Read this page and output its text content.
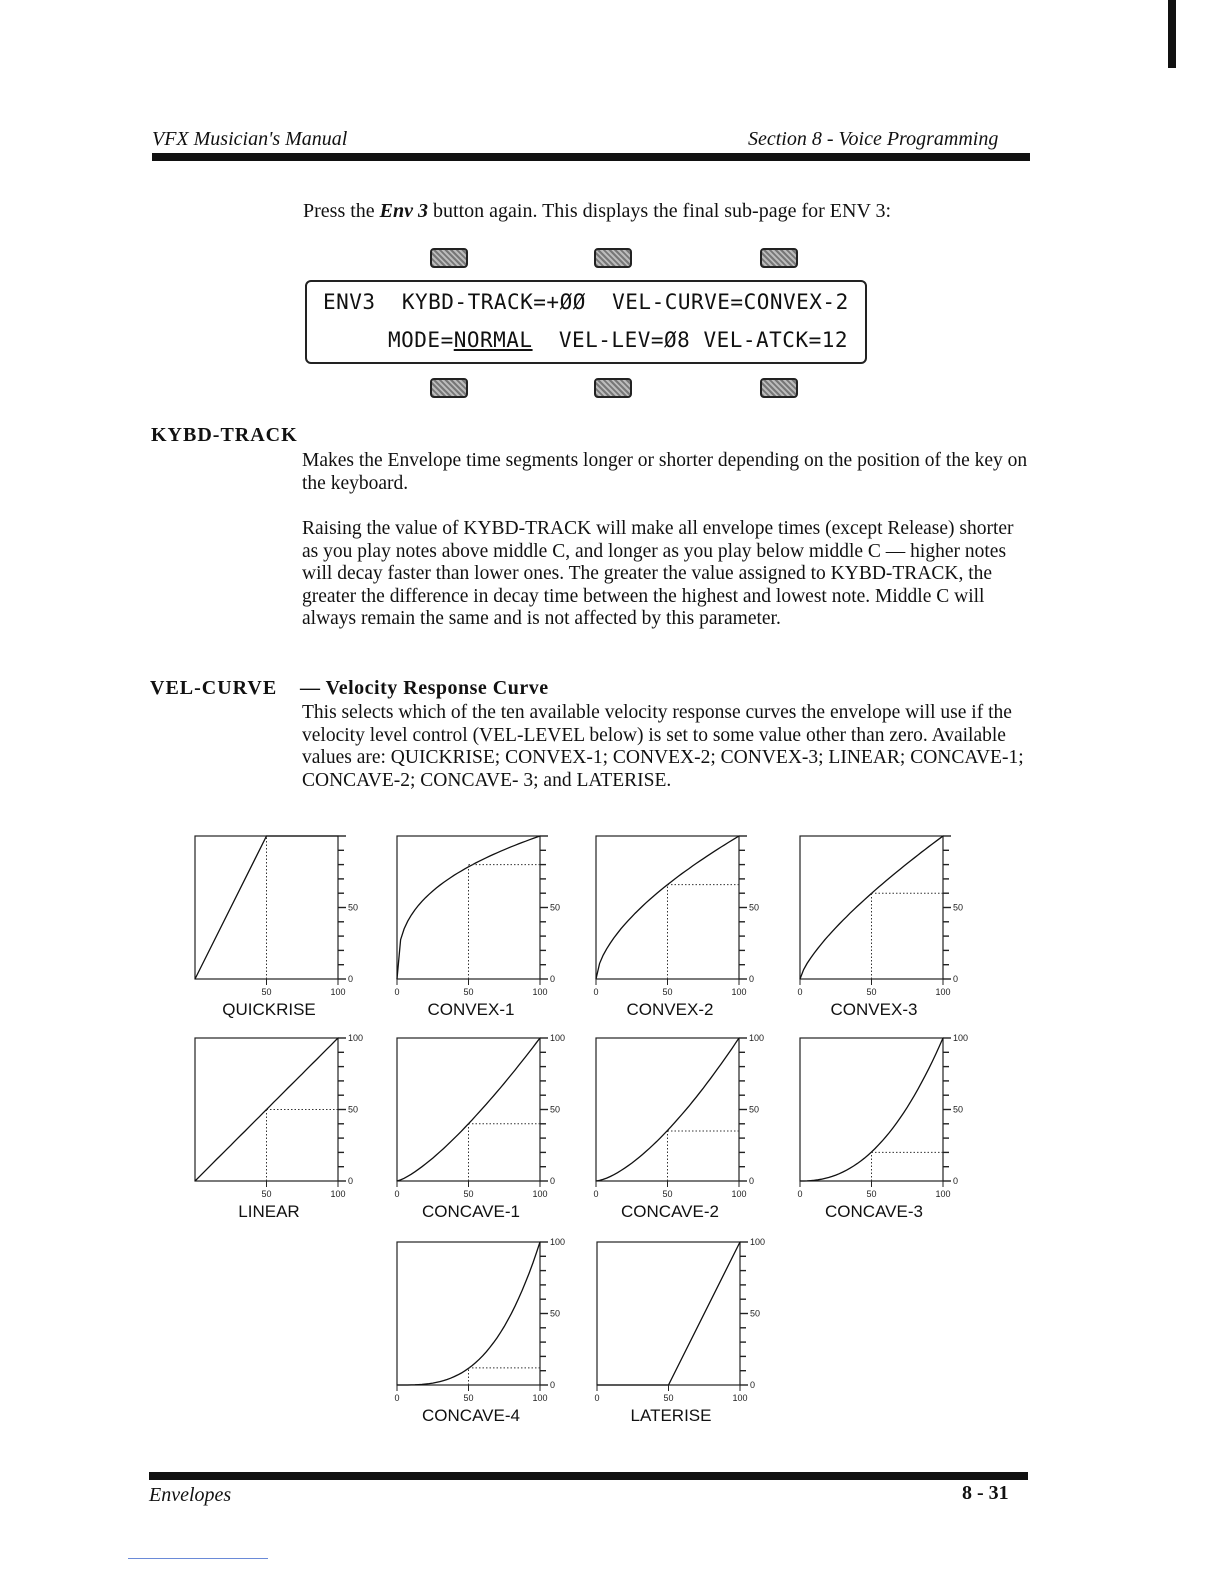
VFX Musician's Manual	Section 8 - Voice Programming
Press the Env 3 button again. This displays the final sub-page for ENV 3:
ENV3  KYBD-TRACK=+ØØ  VEL-CURVE=CONVEX-2
MODE=NORMAL  VEL-LEV=Ø8 VEL-ATCK=12
KYBD-TRACK
Makes the Envelope time segments longer or shorter depending on the position of the key on the keyboard.
Raising the value of KYBD-TRACK will make all envelope times (except Release) shorter as you play notes above middle C, and longer as you play below middle C — higher notes will decay faster than lower ones. The greater the value assigned to KYBD-TRACK, the greater the difference in decay time between the highest and lowest note. Middle C will always remain the same and is not affected by this parameter.
VEL-CURVE — Velocity Response Curve
This selects which of the ten available velocity response curves the envelope will use if the velocity level control (VEL-LEVEL below) is set to some value other than zero. Available values are: QUICKRISE; CONVEX-1; CONVEX-2; CONVEX-3; LINEAR; CONCAVE-1; CONCAVE-2; CONCAVE- 3; and LATERISE.
50	100
50
0
QUICKRISE
0	50	100
50
0
CONVEX-1
0	50	100
50
0
CONVEX-2
0	50	100
50
0
CONVEX-3
50	100
100
50
0
LINEAR
0	50	100
100
50
0
CONCAVE-1
0	50	100
100
50
0
CONCAVE-2
0	50	100
100
50
0
CONCAVE-3
0	50	100
100
50
0
CONCAVE-4
0	50	100
100
50
0
LATERISE
Envelopes	8 - 31
